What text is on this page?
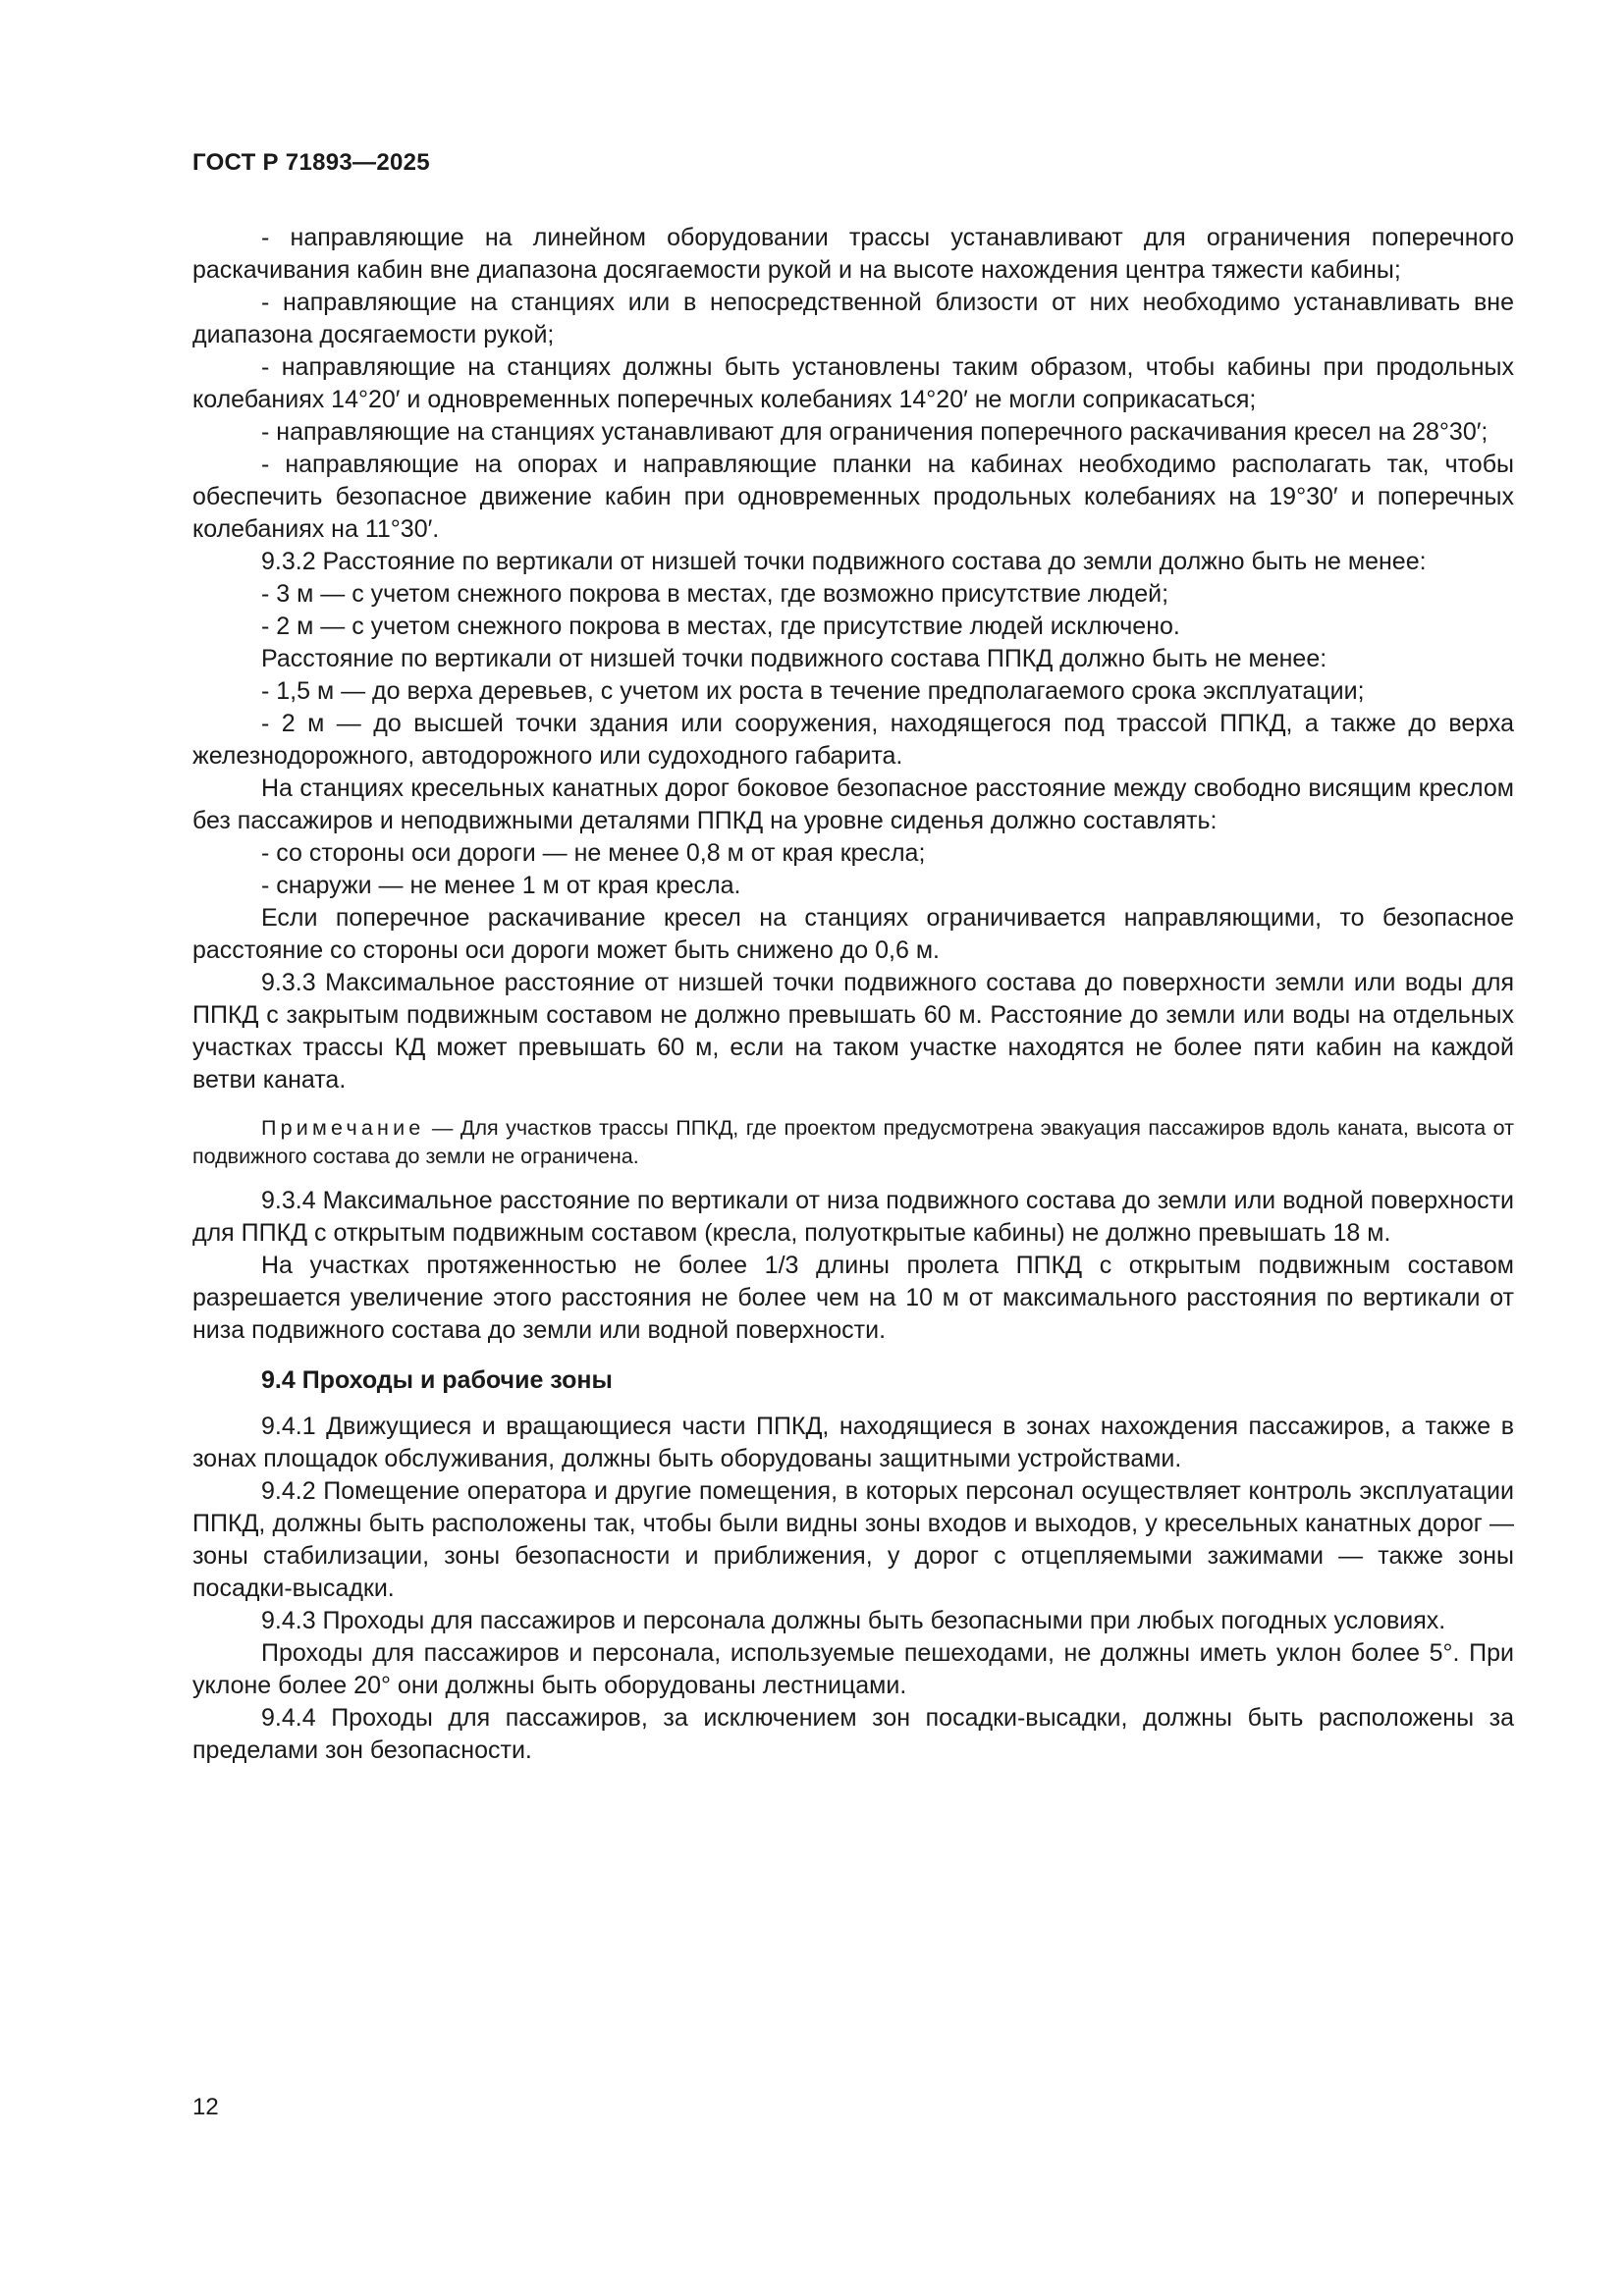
ГОСТ Р 71893—2025

- направляющие на линейном оборудовании трассы устанавливают для ограничения поперечного раскачивания кабин вне диапазона досягаемости рукой и на высоте нахождения центра тяжести кабины;

- направляющие на станциях или в непосредственной близости от них необходимо устанавливать вне диапазона досягаемости рукой;

- направляющие на станциях должны быть установлены таким образом, чтобы кабины при продольных колебаниях 14°20′ и одновременных поперечных колебаниях 14°20′ не могли соприкасаться;

- направляющие на станциях устанавливают для ограничения поперечного раскачивания кресел на 28°30′;

- направляющие на опорах и направляющие планки на кабинах необходимо располагать так, чтобы обеспечить безопасное движение кабин при одновременных продольных колебаниях на 19°30′ и поперечных колебаниях на 11°30′.

9.3.2 Расстояние по вертикали от низшей точки подвижного состава до земли должно быть не менее:

- 3 м — с учетом снежного покрова в местах, где возможно присутствие людей;

- 2 м — с учетом снежного покрова в местах, где присутствие людей исключено.

Расстояние по вертикали от низшей точки подвижного состава ППКД должно быть не менее:

- 1,5 м — до верха деревьев, с учетом их роста в течение предполагаемого срока эксплуатации;

- 2 м — до высшей точки здания или сооружения, находящегося под трассой ППКД, а также до верха железнодорожного, автодорожного или судоходного габарита.

На станциях кресельных канатных дорог боковое безопасное расстояние между свободно висящим креслом без пассажиров и неподвижными деталями ППКД на уровне сиденья должно составлять:

- со стороны оси дороги — не менее 0,8 м от края кресла;

- снаружи — не менее 1 м от края кресла.

Если поперечное раскачивание кресел на станциях ограничивается направляющими, то безопасное расстояние со стороны оси дороги может быть снижено до 0,6 м.

9.3.3 Максимальное расстояние от низшей точки подвижного состава до поверхности земли или воды для ППКД с закрытым подвижным составом не должно превышать 60 м. Расстояние до земли или воды на отдельных участках трассы КД может превышать 60 м, если на таком участке находятся не более пяти кабин на каждой ветви каната.

Примечание — Для участков трассы ППКД, где проектом предусмотрена эвакуация пассажиров вдоль каната, высота от подвижного состава до земли не ограничена.

9.3.4 Максимальное расстояние по вертикали от низа подвижного состава до земли или водной поверхности для ППКД с открытым подвижным составом (кресла, полуоткрытые кабины) не должно превышать 18 м.

На участках протяженностью не более 1/3 длины пролета ППКД с открытым подвижным составом разрешается увеличение этого расстояния не более чем на 10 м от максимального расстояния по вертикали от низа подвижного состава до земли или водной поверхности.

9.4 Проходы и рабочие зоны

9.4.1 Движущиеся и вращающиеся части ППКД, находящиеся в зонах нахождения пассажиров, а также в зонах площадок обслуживания, должны быть оборудованы защитными устройствами.

9.4.2 Помещение оператора и другие помещения, в которых персонал осуществляет контроль эксплуатации ППКД, должны быть расположены так, чтобы были видны зоны входов и выходов, у кресельных канатных дорог — зоны стабилизации, зоны безопасности и приближения, у дорог с отцепляемыми зажимами — также зоны посадки-высадки.

9.4.3 Проходы для пассажиров и персонала должны быть безопасными при любых погодных условиях.

Проходы для пассажиров и персонала, используемые пешеходами, не должны иметь уклон более 5°. При уклоне более 20° они должны быть оборудованы лестницами.

9.4.4 Проходы для пассажиров, за исключением зон посадки-высадки, должны быть расположены за пределами зон безопасности.

12
